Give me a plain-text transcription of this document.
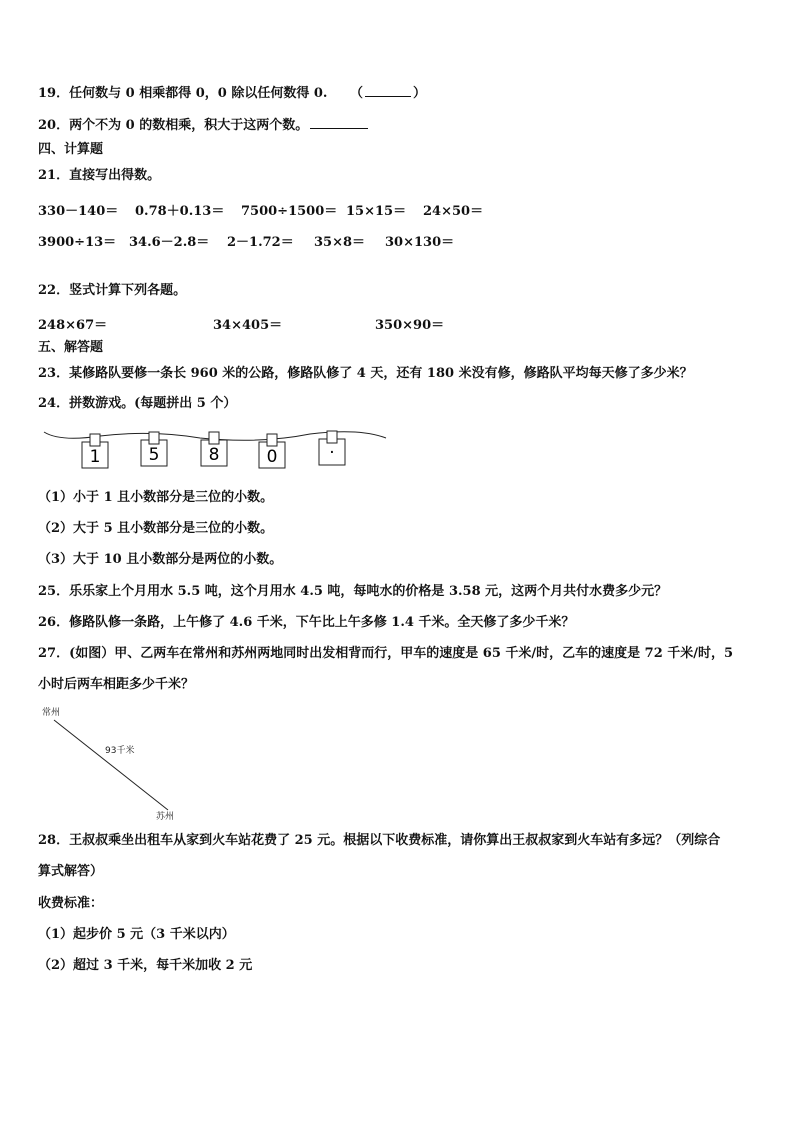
19．任何数与 0 相乘都得 0，0 除以任何数得 0. （	）
20．两个不为 0 的数相乘，积大于这两个数。
四、计算题
21．直接写出得数。
330－140＝ 0.78＋0.13＝ 7500÷1500＝ 15×15＝ 24×50＝
3900÷13＝ 34.6－2.8＝ 2－1.72＝ 35×8＝ 30×130＝
22．竖式计算下列各题。
248×67＝	34×405＝	350×90＝
五、解答题
23．某修路队要修一条长 960 米的公路，修路队修了 4 天，还有 180 米没有修，修路队平均每天修了多少米？
24．拼数游戏。(每题拼出 5 个）
1	5	8	0	·
（1）小于 1 且小数部分是三位的小数。
（2）大于 5 且小数部分是三位的小数。
（3）大于 10 且小数部分是两位的小数。
25．乐乐家上个月用水 5.5 吨，这个月用水 4.5 吨，每吨水的价格是 3.58 元，这两个月共付水费多少元？
26．修路队修一条路，上午修了 4.6 千米，下午比上午多修 1.4 千米。全天修了多少千米？
27．(如图）甲、乙两车在常州和苏州两地同时出发相背而行，甲车的速度是 65 千米/时，乙车的速度是 72 千米/时，5
小时后两车相距多少千米？
常州
93千米
苏州
28．王叔叔乘坐出租车从家到火车站花费了 25 元。根据以下收费标准，请你算出王叔叔家到火车站有多远？（列综合
算式解答）
收费标准：
（1）起步价 5 元（3 千米以内）
（2）超过 3 千米，每千米加收 2 元
